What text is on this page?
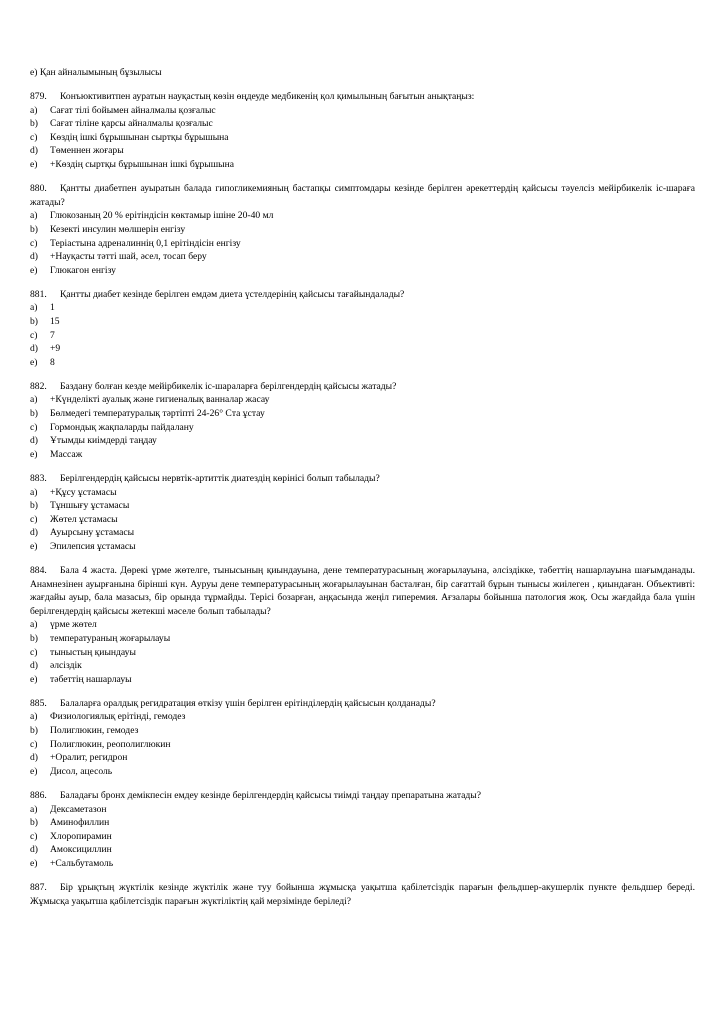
e) Қан айналымының бұзылысы
879. Конъюктивитпен ауратын науқастың көзін өңдеуде медбикенің қол қимылының бағытын анықтаңыз:
a)	Сағат тілі бойымен айналмалы қозғалыс
b)	Сағат тіліне қарсы айналмалы қозғалыс
c)	Көздің ішкі бұрышынан сыртқы бұрышына
d)	Төменнен жоғары
e)	+Көздің сыртқы бұрышынан ішкі бұрышына
880. Қантты диабетпен ауыратын балада гипогликемияның бастапқы симптомдары кезінде берілген әрекеттердің қайсысы тәуелсіз мейірбикелік іс-шараға жатады?
a)	Глюкозаның 20 % ерітіндісін көктамыр ішіне 20-40 мл
b)	Кезекті инсулин мөлшерін енгізу
c)	Теріастына адреналиннің 0,1 ерітіндісін енгізу
d)	+Науқасты тәтті шай, әсел, тосап беру
e)	Глюкагон енгізу
881. Қантты диабет кезінде берілген емдәм диета үстелдерінің қайсысы тағайындалады?
a)	1
b)	15
c)	7
d)	+9
e)	8
882. Баздану болған кезде мейірбикелік іс-шараларға берілгендердің қайсысы жатады?
a)	+Күнделікті ауалық және гигиеналық ванналар жасау
b)	Бөлмедегі температуралық тәртіпті 24-26° Cта ұстау
c)	Гормондық жақпаларды пайдалану
d)	Ұтымды киімдерді таңдау
e)	Массаж
883. Берілгендердің қайсысы нервтік-артиттік диатездің көрінісі болып табылады?
a)	+Құсу ұстамасы
b)	Тұншығу ұстамасы
c)	Жөтел ұстамасы
d)	Ауырсыну ұстамасы
e)	Эпилепсия ұстамасы
884. Бала 4 жаста. Дөрекі үрме жөтелге, тыныcының қиындауына, дене температурасының жоғарылауына, әлсіздікке, тәбеттің нашарлауына шағымданады. Анамнезінен ауырғанына бірінші күн. Ауруы дене температурасының жоғарылауынан басталған, бір сағаттай бұрын тынысы жиілеген , қиындаған. Объективті: жағдайы ауыр, бала мазасыз, бір орында тұрмайды. Терісі бозарған, аңқасында жеңіл гиперемия. Ағзалары бойынша патология жоқ. Осы жағдайда бала үшін берілгендердің қайсысы жетекші мәселе болып табылады?
a)	үрме жөтел
b)	температураның жоғарылауы
c)	тыныстың қиындауы
d)	әлсіздік
e)	тәбеттің нашарлауы
885. Балаларға оралдық регидратация өткізу үшін берілген ерітінділердің қайсысын қолданады?
a)	Физиологиялық ерітінді, гемодез
b)	Полиглюкин, гемодез
c)	Полиглюкин, реополиглюкин
d)	+Оралит, регидрон
e)	Дисол, ацесоль
886. Баладағы бронх демікпесін емдеу кезінде берілгендердің қайсысы тиімді таңдау препаратына жатады?
a)	Дексаметазон
b)	Аминофиллин
c)	Хлоропирамин
d)	Амоксициллин
e)	+Сальбутамоль
887. Бір ұрықтың жүктілік кезінде жүктілік және туу бойынша жұмысқа уақытша қабілетсіздік парағын фельдшер-акушерлік пункте фельдшер береді. Жұмысқа уақытша қабілетсіздік парағын жүктіліктің қай мерзімінде беріледі?
